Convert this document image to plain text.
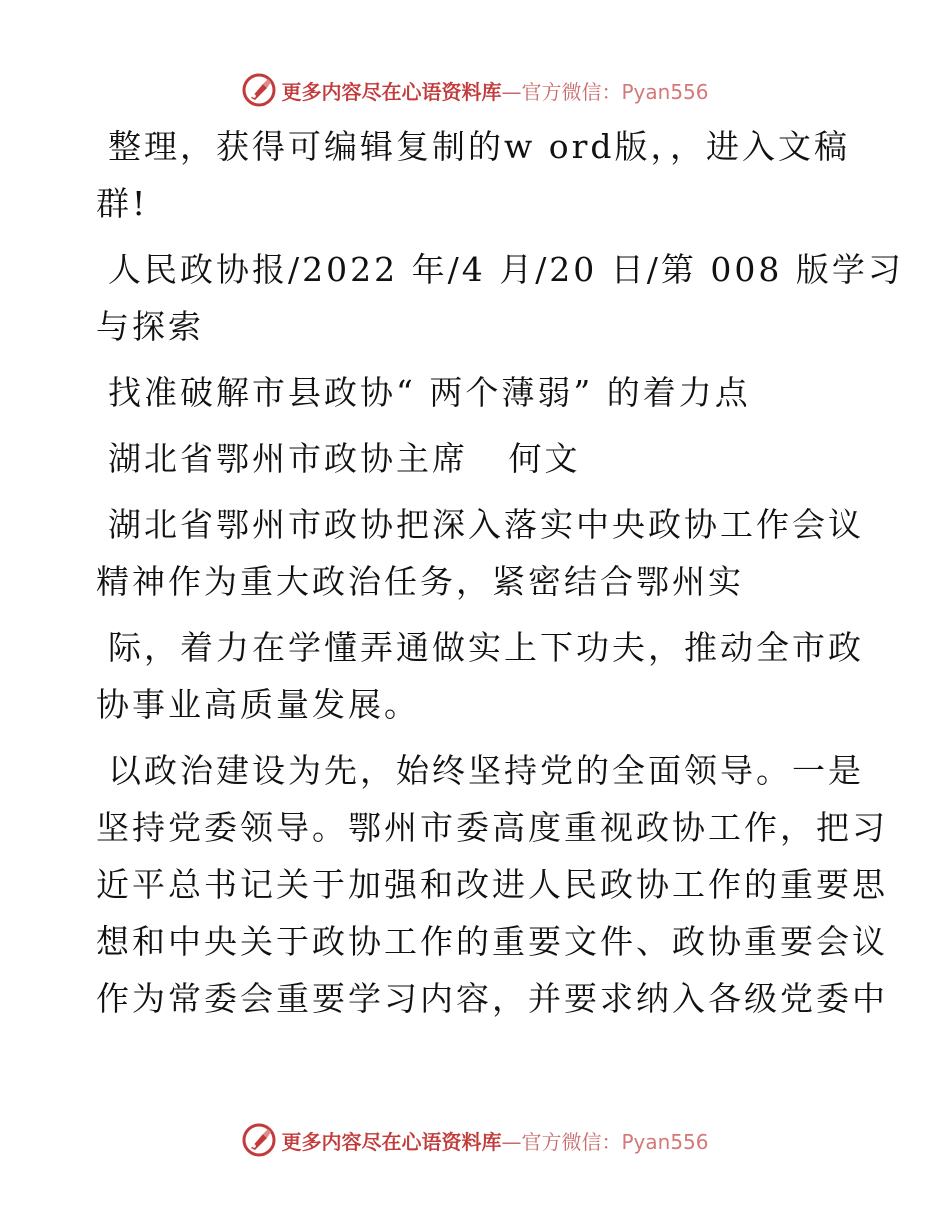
更多内容尽在心语资料库—官方微信：Pyan556

整理，获得可编辑复制的w ord版，，进入文稿
群!

人民政协报/2022 年/4 月/20 日/第 008 版学习
与探索

找准破解市县政协“ 两个薄弱” 的着力点

湖北省鄂州市政协主席   何文

湖北省鄂州市政协把深入落实中央政协工作会议
精神作为重大政治任务，紧密结合鄂州实

际，着力在学懂弄通做实上下功夫，推动全市政
协事业高质量发展。

以政治建设为先，始终坚持党的全面领导。一是
坚持党委领导。鄂州市委高度重视政协工作，把习
近平总书记关于加强和改进人民政协工作的重要思
想和中央关于政协工作的重要文件、政协重要会议
作为常委会重要学习内容，并要求纳入各级党委中

更多内容尽在心语资料库—官方微信：Pyan556
